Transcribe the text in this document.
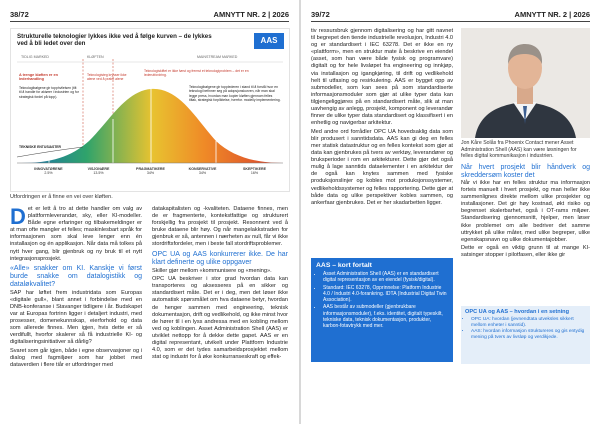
38/72	AMNYTT NR. 2 | 2026
Strukturelle teknologier lykkes ikke ved å følge kurven – de lykkes ved å bli ledet over den	AAS
TIDLIG MARKED	KLØFTEN	MAINSTREAM MARKED
A trenge kløften er en lederhandling
Teknologibølgene gir topphvilelsen (tilt til å handle for aktører i industrien og for strategisk fordel på topp).
Teknologisteg krysser ikke alene ved å pratet alene
Teknologiskiftet er ikke først og fremst et teknologiproblem – det er en lederutfordring.
Teknologibølgene gir topplederen i stand til å forstå hvor en teknologi befinner seg på adopsjonskurven, når man skal legge press, hvordan man kopier kløften gjennom felles tiltak, strategisk forpliktelse, tverrfor. modelly implementering.
TEKNISKE ENTUSIASTER
INNOVATØRENE
2.5%
VISJONÆRE
13.5%
PRAGMATIKERE
34%
KONSERVATIVE
34%
SKEPTIKERE
16%
Utfordringen er å finne en vei over kløften.

Det er lett å tro at dette handler om valg av plattformleverandør, sky, eller KI-modeller. Både egne erfaringer og tilbakemeldinger er at man ofte mangler et felles; maskinlesbart språk for informasjonen som skal leve lenger enn én installasjon og én applikasjon. Når data må tolkes på nytt hver gang, blir gjenbruk og ny bruk til et nytt integrasjonsprosjekt.

«Alle» snakker om KI. Kanskje vi først burde snakke om datalogistikk og dataløkvalitet?

SAP har løftet frem industridata som Europas «digitale gull», blant annet i forbindelse med en DNB-konferanse i Stavanger tidligere i år. Budskapet var at Europas fortrinn ligger i detaljert industri, med prosesser, domenekunnskap, eierforhold og data som allerede finnes. Men igjen, hvis dette er så verdifullt, hvorfor skalerer så få industrielle KI- og digitaliseringsinitiativer så dårlig?

Svaret som går igjen, både i egne observasjoner og i dialog med fagmiljøer som har jobbet med dataverdien i flere tiår er utfordringer med

datakapitalisten og -kvaliteten. Dataene finnes, men de er fragmenterte, kontekstfattige og strukturert forskjellig fra prosjekt til prosjekt. Resonnent ved å bruke dataene blir høy. Og når mangelakkstraden for gjenbruk er så, antennen i nærheten av null, får vi ikke stordriftsfordeler, men i beste fall stordriftsproblemer.

OPC UA og AAS konkurrerer ikke. De har klart definerte og ulike oppgaver

Skiller gjør mellom «kommunisere og «mening».

OPC UA beskriver i stor grad hvordan data kan transporteres og aksesseres på en sikker og standardisert måte. Det er i deg, men det løser ikke automatisk spørsmålet om hva dataene betyr, hvordan de henger sammen med engineering, teknisk dokumentasjon, drift og vedlikehold, og ikke minst hvor de hører til i en lyss andressa med en kobling mellom ved og koblingen. Asset Administration Shell (AAS) er utviklet nettopp for å dekke dette gapet. AAS er en digital representant, utvikelt under Plattform Industrie 4.0, som er det tydes samarbeidsprosjektet mellom stat og industri for å øke konkurranseskraft og effek-

39/72	AMNYTT NR. 2 | 2026

tiv ressursbruk gjennom digitalisering og har gitt navnet til begrepet den tiende industrielle revolusjon, Industri 4.0 og er standardisert i IEC 63278. Det er ikke en ny «plattform», men en struktur mate å beskrive en eiendel (asset, som han være både fysisk og programvare) digitalt og for hele livsløpet fra engineering og innkjøp, via installasjon og igangkjøring, til drift og vedlikehold helt til utfasing og resirkulering. AAS er bygget opp av submodeller, som kan sees på som standardiserte informasjonsmoduler som gjør at ulike typer data kan tilgjengeliggjøres på en standardisert måte, slik at man uavhengig av anlegg, prosjekt, komponent og leverandør finner de ulike typer data standardisert og klassifisert i en enhetlig og navigerbar arkitektur.

Med andre ord forrådler OPC UA hovedsaklig data som blir produsert i sanntidsdata. AAS kan gi deg en felles mer statisk datastruktur og en felles kontekst som gjør at data kan gjenbrukes på tvers av verktøy, leverandører og bruksperioder i rom en arkitekturer. Dette gjør det også mulig å lage sanntids dataelementer i en arkitektur der de også kan knytes sammen med fysiske produksjonslinjer og kobles mot produksjonssystemer, vedlikeholdssystemer og felles rapportering. Dette gjør at både data og ulike perspektiver kobles sammen, og ankerfaar gjenbrukes. Det er her skadarbetten ligger.

AAS – kort fortalt
• Asset Administration Shell (AAS) er en standardisert digital representasjon av en eiendel (fysisk/digital).
• Standard: IEC 63278, Opprinnelse: Platform Industrie 4.0 / Industri 4.0-forankring. IDTA (Industrial Digital Twin Association).
• AAS består av submodeller (gjenbrukbare informasjonsmoduler), f.eks. identitet, digitalt typeskilt, tekniske data, teknisk dokumentasjon, produkter, karbon-fotavtrykk med mer.
Jon Kåre Solås fra Phoenix Contact mener Asset Administration Shell (AAS) kan være løsningen for felles digital kommunikasjon i industrien.
Når hvert prosjekt blir håndverk og skreddersøm koster det

Når vi ikke har en felles struktur ma informasjon forteis manuelt i hvert prosjekt, og man heller ikke sammenlignes direkte mellom ulike prosjekter og installasjoner. Det gir høy kostnad, økt risiko og begrenset skalerbarhet, også i OT-rams miljøer. Standardisering gjennomsnitt, hjelper, men løser ikke problemet om alle bedriver det samme uttrykket på ulike måter, med ulike begreper, ulike egenskapsnavn og ulike dokumentajobber.

Dette er også en viktig grunn til at mange KI-satsinger stopper i pilotfasen, eller ikke gir

OPC UA og AAS – hvordan i en setning
• OPC UA: hvordan (jevnendtata utveksles sikkert mellom enheter i sanntid).
• AAS: hvordan informasjon struktureres og gis entydig mening på tvers av livsløp og verdikjede.
